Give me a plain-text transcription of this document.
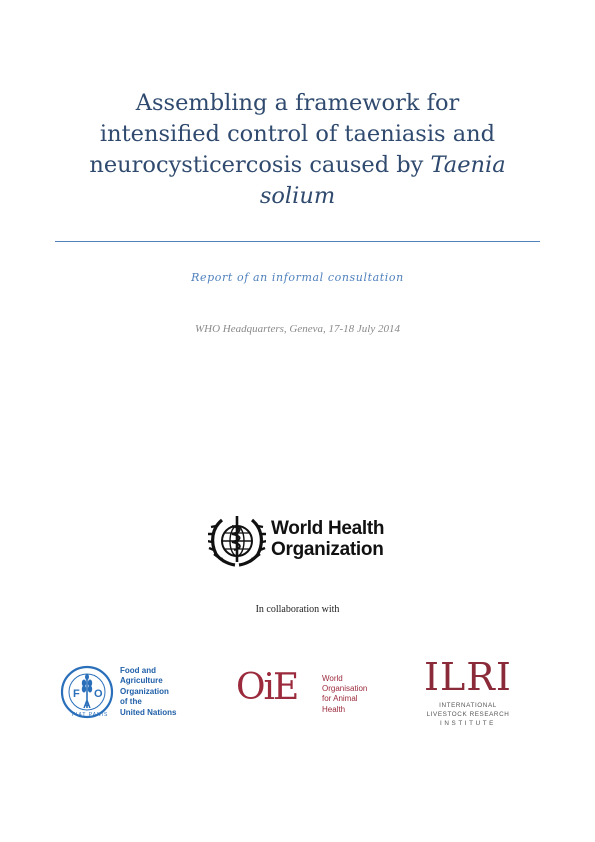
Assembling a framework for
intensified control of taeniasis and
neurocysticercosis caused by Taenia
solium
Report of an informal consultation
WHO Headquarters, Geneva, 17-18 July 2014
World Health
Organization
In collaboration with
F
A
O
FIAT PANIS
Food and
Agriculture
Organization
of the
United Nations
OiE	World
Organisation
for Animal
Health
ILRI
INTERNATIONAL
LIVESTOCK RESEARCH
INSTITUTE
